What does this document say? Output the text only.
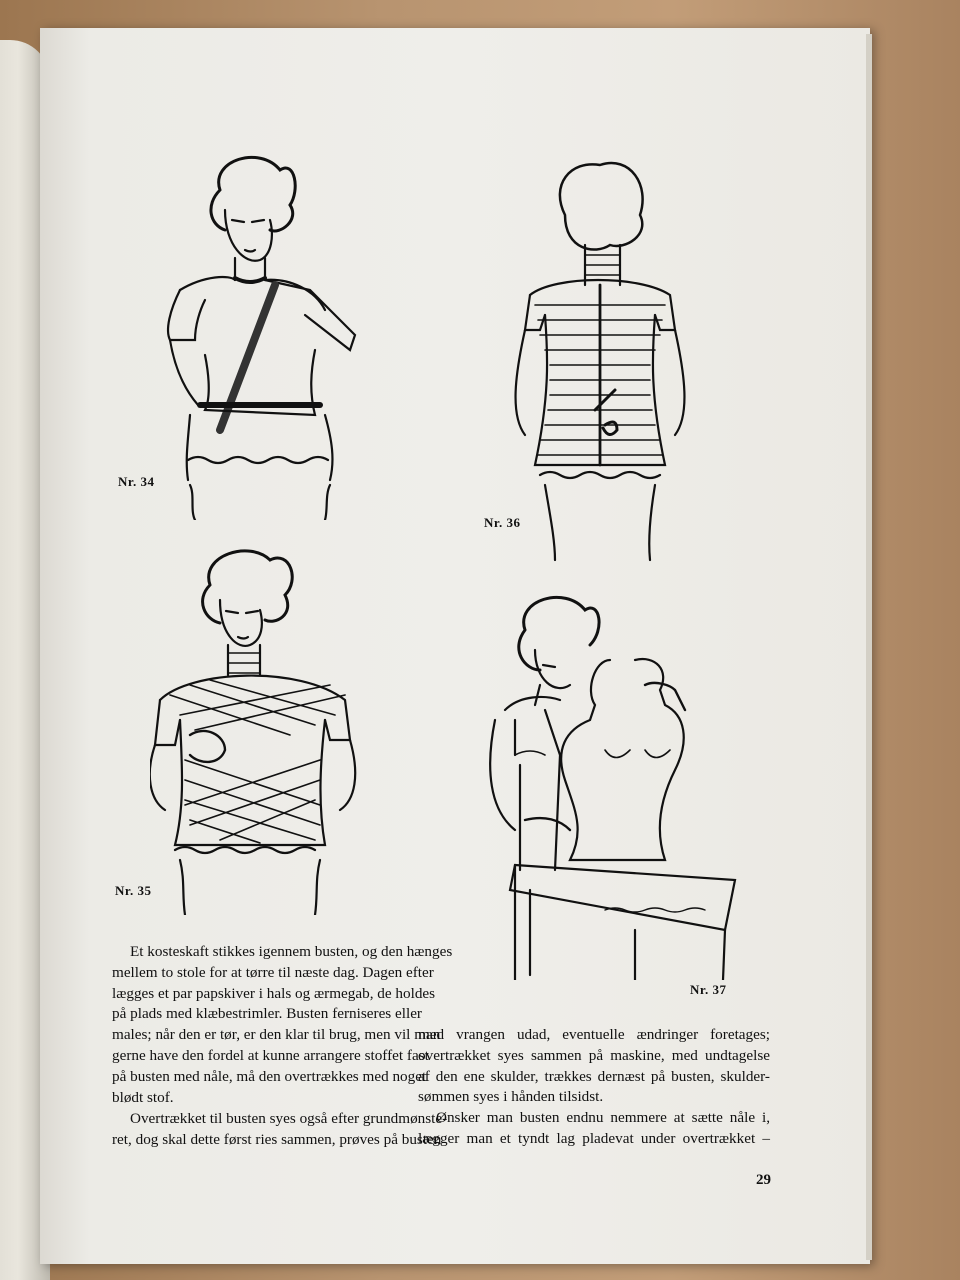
Nr. 34
Nr. 36
Nr. 35
Nr. 37
Et kosteskaft stikkes igennem busten, og den hænges
mellem to stole for at tørre til næste dag. Dagen efter
lægges et par papskiver i hals og ærmegab, de holdes
på plads med klæbestrimler. Busten ferniseres eller
males; når den er tør, er den klar til brug, men vil man
gerne have den fordel at kunne arrangere stoffet fast
på busten med nåle, må den overtrækkes med noget
blødt stof.
Overtrækket til busten syes også efter grundmønste-
ret, dog skal dette først ries sammen, prøves på busten
med vrangen udad, eventuelle ændringer foretages;
overtrækket syes sammen på maskine, med undtagelse
af den ene skulder, trækkes dernæst på busten, skulder-
sømmen syes i hånden tilsidst.
Ønsker man busten endnu nemmere at sætte nåle i,
lægger man et tyndt lag pladevat under overtrækket –
29
